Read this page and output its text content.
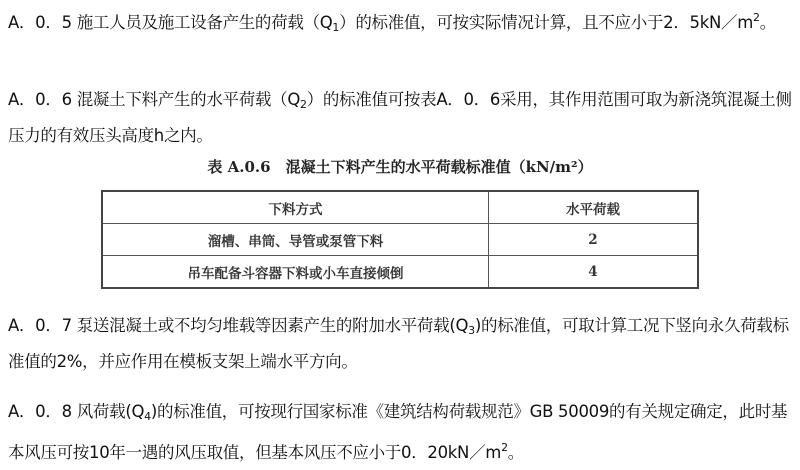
A．0．5 施工人员及施工设备产生的荷载$(Q_1)$的标准值，可按实际情况计算，且不应小于2．$5kN/m^2$。
A．0．6 混凝土下料产生的水平荷载$(Q_2)$的标准值可按表A．0．6采用，其作用范围可取为新浇筑混凝土侧压力的有效压头高度h之内。
表 A.0.6　混凝土下料产生的水平荷载标准值（kN/m²）
下料方式	水平荷载
溜槽、串筒、导管或泵管下料	2
吊车配备斗容器下料或小车直接倾倒	4
A．0．7 泵送混凝土或不均匀堆载等因素产生的附加水平荷载$(Q_3)$的标准值，可取计算工况下竖向永久荷载标准值的2%，并应作用在模板支架上端水平方向。
A．0．8 风荷载$(Q_4)$的标准值，可按现行国家标准《建筑结构荷载规范》GB 50009的有关规定确定，此时基本风压可按10年一遇的风压取值，但基本风压不应小于0．$20kN/m^2$。
